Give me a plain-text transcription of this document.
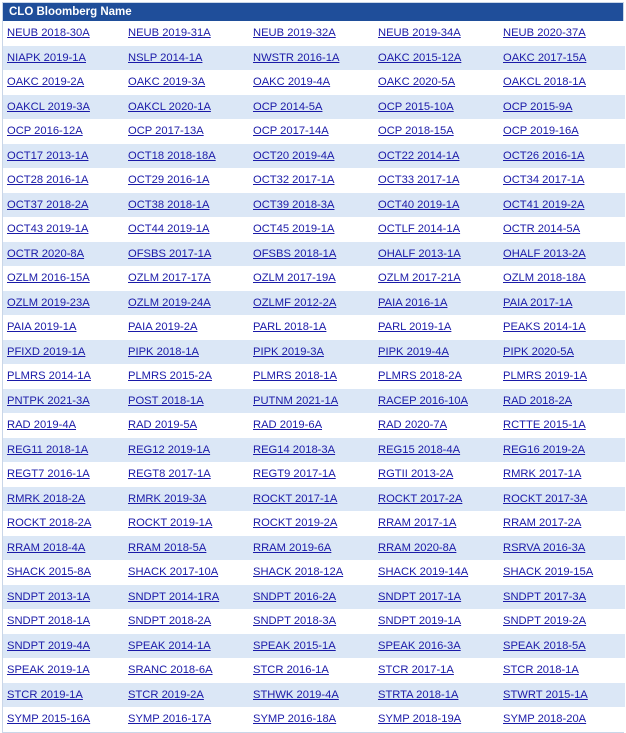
CLO Bloomberg Name
NEUB 2018-30A	NEUB 2019-31A	NEUB 2019-32A	NEUB 2019-34A	NEUB 2020-37A
NIAPK 2019-1A	NSLP 2014-1A	NWSTR 2016-1A	OAKC 2015-12A	OAKC 2017-15A
OAKC 2019-2A	OAKC 2019-3A	OAKC 2019-4A	OAKC 2020-5A	OAKCL 2018-1A
OAKCL 2019-3A	OAKCL 2020-1A	OCP 2014-5A	OCP 2015-10A	OCP 2015-9A
OCP 2016-12A	OCP 2017-13A	OCP 2017-14A	OCP 2018-15A	OCP 2019-16A
OCT17 2013-1A	OCT18 2018-18A	OCT20 2019-4A	OCT22 2014-1A	OCT26 2016-1A
OCT28 2016-1A	OCT29 2016-1A	OCT32 2017-1A	OCT33 2017-1A	OCT34 2017-1A
OCT37 2018-2A	OCT38 2018-1A	OCT39 2018-3A	OCT40 2019-1A	OCT41 2019-2A
OCT43 2019-1A	OCT44 2019-1A	OCT45 2019-1A	OCTLF 2014-1A	OCTR 2014-5A
OCTR 2020-8A	OFSBS 2017-1A	OFSBS 2018-1A	OHALF 2013-1A	OHALF 2013-2A
OZLM 2016-15A	OZLM 2017-17A	OZLM 2017-19A	OZLM 2017-21A	OZLM 2018-18A
OZLM 2019-23A	OZLM 2019-24A	OZLMF 2012-2A	PAIA 2016-1A	PAIA 2017-1A
PAIA 2019-1A	PAIA 2019-2A	PARL 2018-1A	PARL 2019-1A	PEAKS 2014-1A
PFIXD 2019-1A	PIPK 2018-1A	PIPK 2019-3A	PIPK 2019-4A	PIPK 2020-5A
PLMRS 2014-1A	PLMRS 2015-2A	PLMRS 2018-1A	PLMRS 2018-2A	PLMRS 2019-1A
PNTPK 2021-3A	POST 2018-1A	PUTNM 2021-1A	RACEP 2016-10A	RAD 2018-2A
RAD 2019-4A	RAD 2019-5A	RAD 2019-6A	RAD 2020-7A	RCTTE 2015-1A
REG11 2018-1A	REG12 2019-1A	REG14 2018-3A	REG15 2018-4A	REG16 2019-2A
REGT7 2016-1A	REGT8 2017-1A	REGT9 2017-1A	RGTII 2013-2A	RMRK 2017-1A
RMRK 2018-2A	RMRK 2019-3A	ROCKT 2017-1A	ROCKT 2017-2A	ROCKT 2017-3A
ROCKT 2018-2A	ROCKT 2019-1A	ROCKT 2019-2A	RRAM 2017-1A	RRAM 2017-2A
RRAM 2018-4A	RRAM 2018-5A	RRAM 2019-6A	RRAM 2020-8A	RSRVA 2016-3A
SHACK 2015-8A	SHACK 2017-10A	SHACK 2018-12A	SHACK 2019-14A	SHACK 2019-15A
SNDPT 2013-1A	SNDPT 2014-1RA	SNDPT 2016-2A	SNDPT 2017-1A	SNDPT 2017-3A
SNDPT 2018-1A	SNDPT 2018-2A	SNDPT 2018-3A	SNDPT 2019-1A	SNDPT 2019-2A
SNDPT 2019-4A	SPEAK 2014-1A	SPEAK 2015-1A	SPEAK 2016-3A	SPEAK 2018-5A
SPEAK 2019-1A	SRANC 2018-6A	STCR 2016-1A	STCR 2017-1A	STCR 2018-1A
STCR 2019-1A	STCR 2019-2A	STHWK 2019-4A	STRTA 2018-1A	STWRT 2015-1A
SYMP 2015-16A	SYMP 2016-17A	SYMP 2016-18A	SYMP 2018-19A	SYMP 2018-20A
